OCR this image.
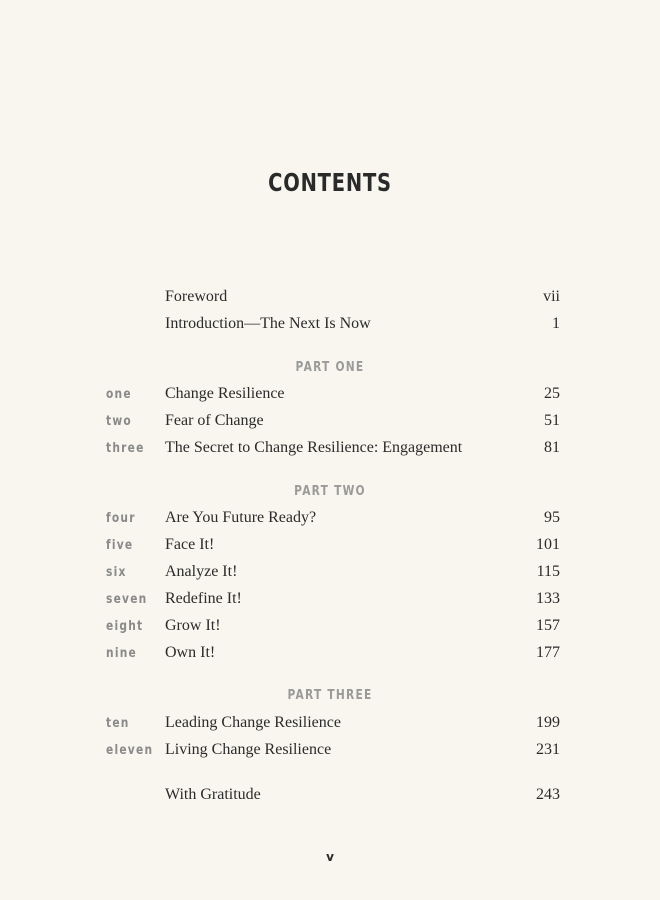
CONTENTS
Foreword	vii
Introduction—The Next Is Now	1
PART ONE
one Change Resilience	25
two Fear of Change	51
three The Secret to Change Resilience: Engagement	81
PART TWO
four Are You Future Ready?	95
five Face It!	101
six Analyze It!	115
seven Redefine It!	133
eight Grow It!	157
nine Own It!	177
PART THREE
ten Leading Change Resilience	199
eleven Living Change Resilience	231
With Gratitude	243
v
